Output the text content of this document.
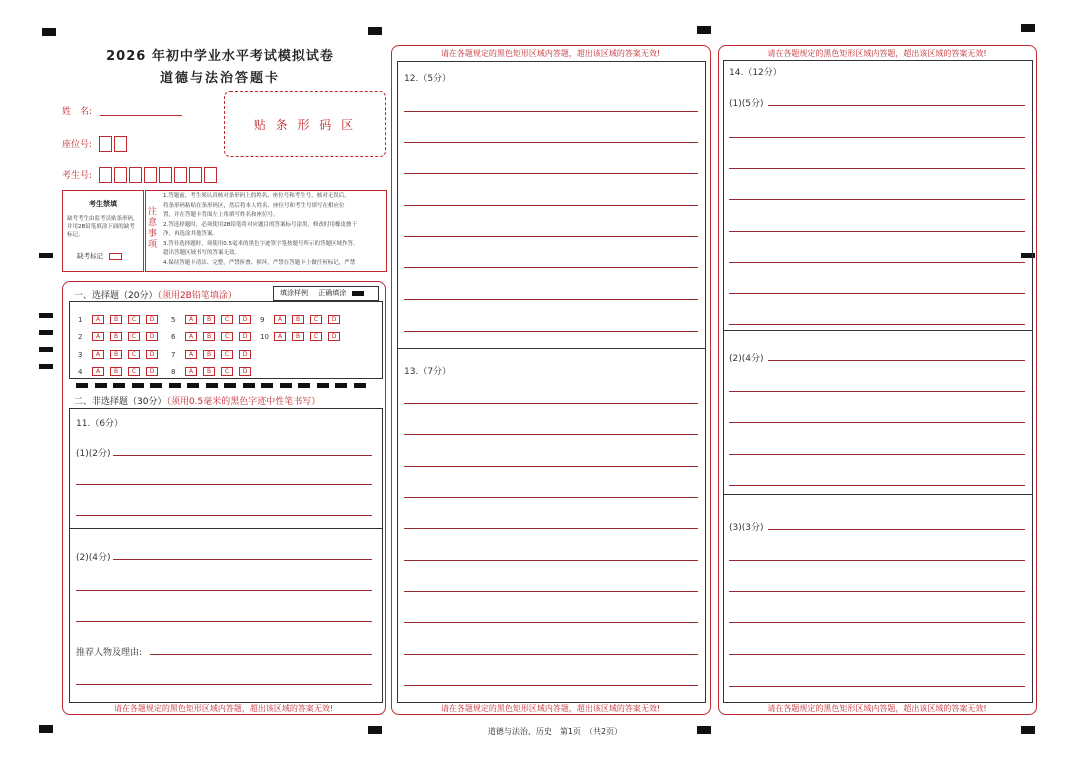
2026 年初中学业水平考试模拟试卷
道德与法治答题卡
姓　名:
座位号:
考生号:
贴 条 形 码 区
考生禁填
缺考考生由监考员贴条形码，并用2B铅笔填涂下面的缺考标记。
缺考标记
注意事项
1.答题前，考生须认真核对条形码上的姓名、座位号和考生号，核对无误后，
将条形码粘贴在条形码区，然后将本人姓名、座位号和考生号填写在相应位
置，并在答题卡背面左上角填写姓名和座位号。
2.答选择题时，必须使用2B铅笔将对应题目的答案标号涂黑，修改时用橡皮擦干
净，再选涂其他答案。
3.答非选择题时，须使用0.5毫米的黑色字迹签字笔按题号所示的答题区域作答，
超出答题区域书写的答案无效。
4.保持答题卡清洁、完整，严禁折叠、损坏，严禁在答题卡上做任何标记，严禁
一、选择题（20分）（须用2B铅笔填涂）	填涂样例 正确填涂
1 A B C D
2 A B C D
3 A B C D
4 A B C D
5 A B C D
6 A B C D
7 A B C D
8 A B C D
9 A B C D
10 A B C D
二、非选择题（30分）（须用0.5毫米的黑色字迹中性笔书写）
11.（6分）
(1)(2分)
(2)(4分)
推荐人物及理由:
请在各题规定的黑色矩形区域内答题，超出该区域的答案无效!
请在各题规定的黑色矩形区域内答题，超出该区域的答案无效!
12.（5分）
13.（7分）
请在各题规定的黑色矩形区域内答题，超出该区域的答案无效!
请在各题规定的黑色矩形区域内答题，超出该区域的答案无效!
14.（12分）
(1)(5分)
(2)(4分)
(3)(3分)
请在各题规定的黑色矩形区域内答题，超出该区域的答案无效!
道德与法治、历史　第1页　（共2页）
